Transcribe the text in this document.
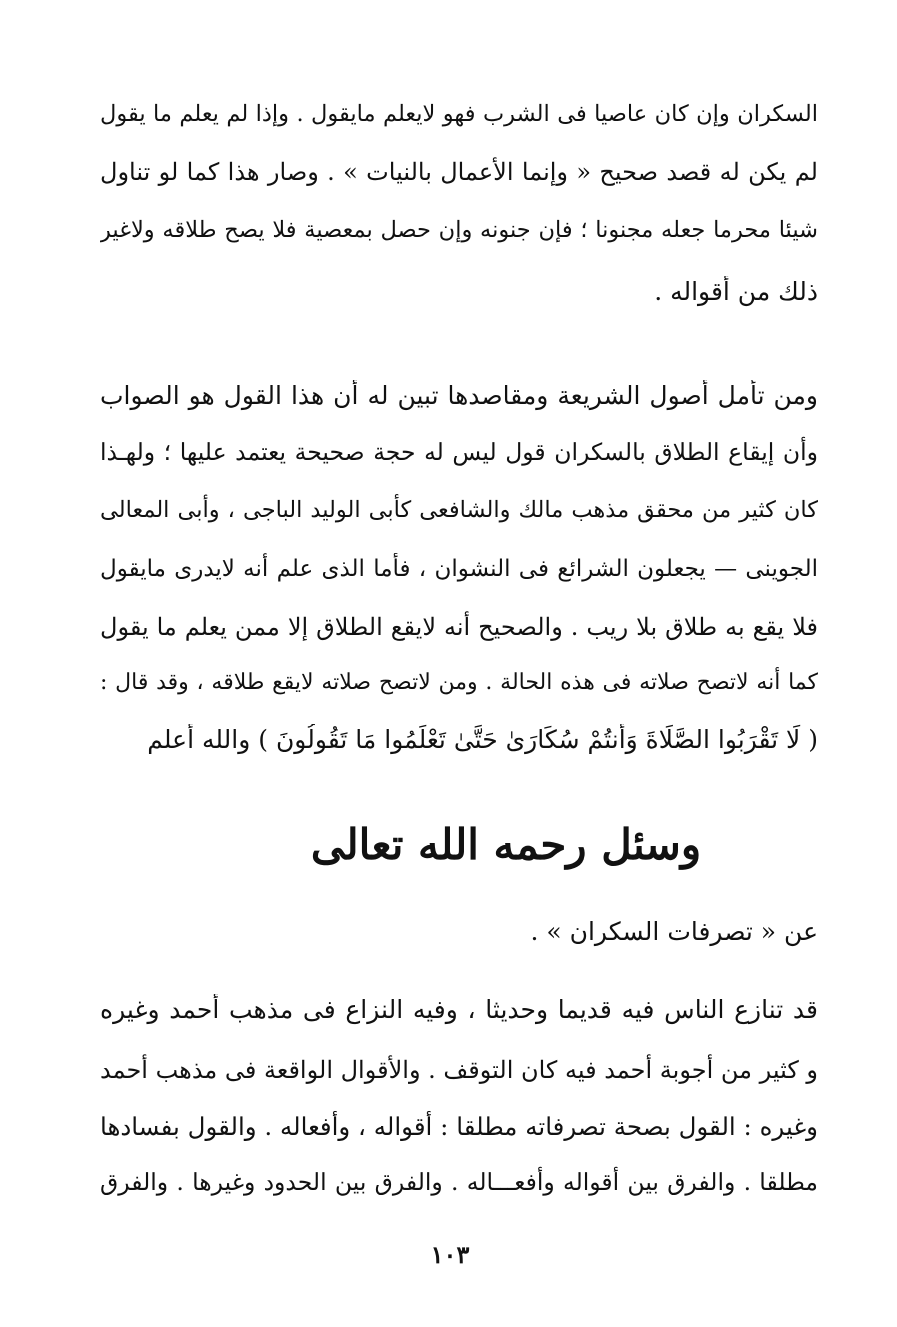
السكران وإن كان عاصيا فى الشرب فهو لايعلم مايقول . وإذا لم يعلم ما يقول
لم يكن له قصد صحيح « وإنما الأعمال بالنيات » . وصار هذا كما لو تناول
شيئا محرما جعله مجنونا ؛ فإن جنونه وإن حصل بمعصية فلا يصح طلاقه ولاغير
ذلك من أقواله .
ومن تأمل أصول الشريعة ومقاصدها تبين له أن هذا القول هو الصواب
وأن إيقاع الطلاق بالسكران قول ليس له حجة صحيحة يعتمد عليها ؛ ولهـذا
كان كثير من محقق مذهب مالك والشافعى كأبى الوليد الباجى ، وأبى المعالى
الجوينى — يجعلون الشرائع فى النشوان ، فأما الذى علم أنه لايدرى مايقول
فلا يقع به طلاق بلا ريب . والصحيح أنه لايقع الطلاق إلا ممن يعلم ما يقول
كما أنه لاتصح صلاته فى هذه الحالة . ومن لاتصح صلاته لايقع طلاقه ، وقد قال :
( لَا تَقْرَبُوا الصَّلَاةَ وَأَنتُمْ سُكَارَىٰ حَتَّىٰ تَعْلَمُوا مَا تَقُولُونَ ) والله أعلم
وسئل رحمه الله تعالى
عن « تصرفات السكران » .
قد تنازع الناس فيه قديما وحديثا ، وفيه النزاع فى مذهب أحمد وغيره
و كثير من أجوبة أحمد فيه كان التوقف . والأقوال الواقعة فى مذهب أحمد
وغيره : القول بصحة تصرفاته مطلقا : أقواله ، وأفعاله . والقول بفسادها
مطلقا . والفرق بين أقواله وأفعـــاله . والفرق بين الحدود وغيرها . والفرق
١٠٣
